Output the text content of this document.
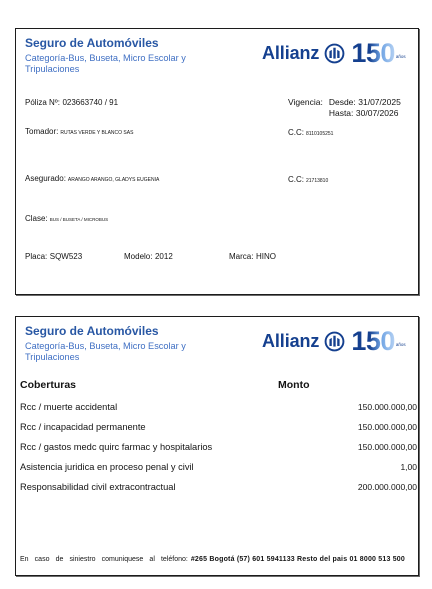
Seguro de Automóviles
Categoría-Bus, Buseta, Micro Escolar y Tripulaciones
Allianz 150 años
Póliza Nº: 023663740 / 91	Vigencia: Desde: 31/07/2025
Hasta: 30/07/2026
Tomador: RUTAS VERDE Y BLANCO SAS	C.C: 8110105251
Asegurado: ARANGO ARANGO, GLADYS EUGENIA	C.C: 21713810
Clase: BUS / BUSETA / MICROBUS
Placa: SQW523	Modelo: 2012	Marca: HINO
Seguro de Automóviles
Categoría-Bus, Buseta, Micro Escolar y Tripulaciones
Allianz 150 años
Coberturas	Monto
Rcc / muerte accidental	150.000.000,00
Rcc / incapacidad permanente	150.000.000,00
Rcc / gastos medc quirc farmac y hospitalarios	150.000.000,00
Asistencia juridica en proceso penal y civil	1,00
Responsabilidad civil extracontractual	200.000.000,00
En caso de siniestro comuniquese al teléfono: #265 Bogotá (57) 601 5941133 Resto del pais 01 8000 513 500
